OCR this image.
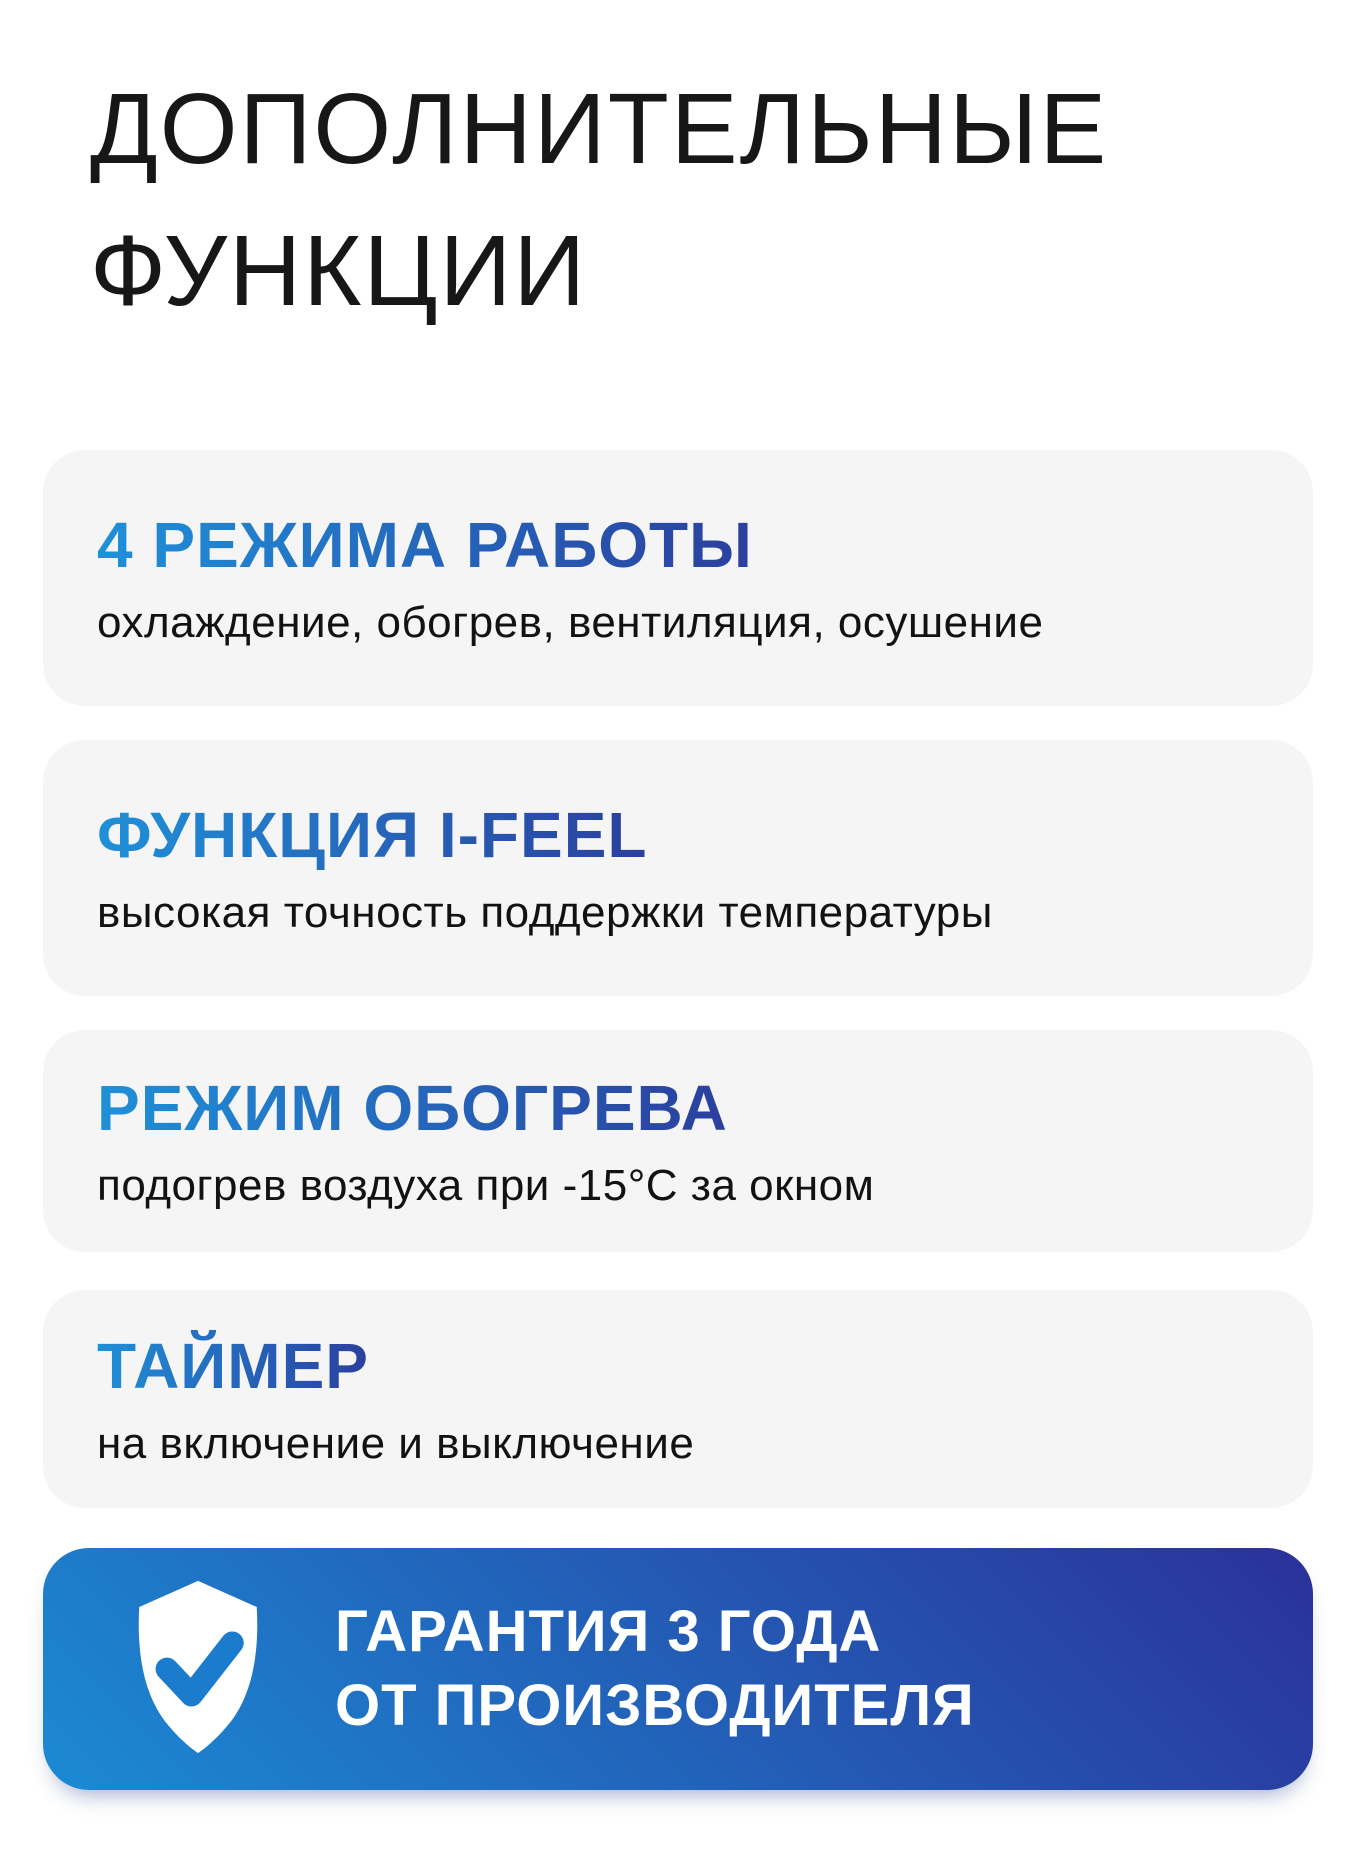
ДОПОЛНИТЕЛЬНЫЕ
ФУНКЦИИ
4 РЕЖИМА РАБОТЫ

охлаждение, обогрев, вентиляция, осушение

ФУНКЦИЯ I-FEEL

высокая точность поддержки температуры

РЕЖИМ ОБОГРЕВА

подогрев воздуха при -15°С за окном

ТАЙМЕР

на включение и выключение

ГАРАНТИЯ 3 ГОДА
ОТ ПРОИЗВОДИТЕЛЯ
